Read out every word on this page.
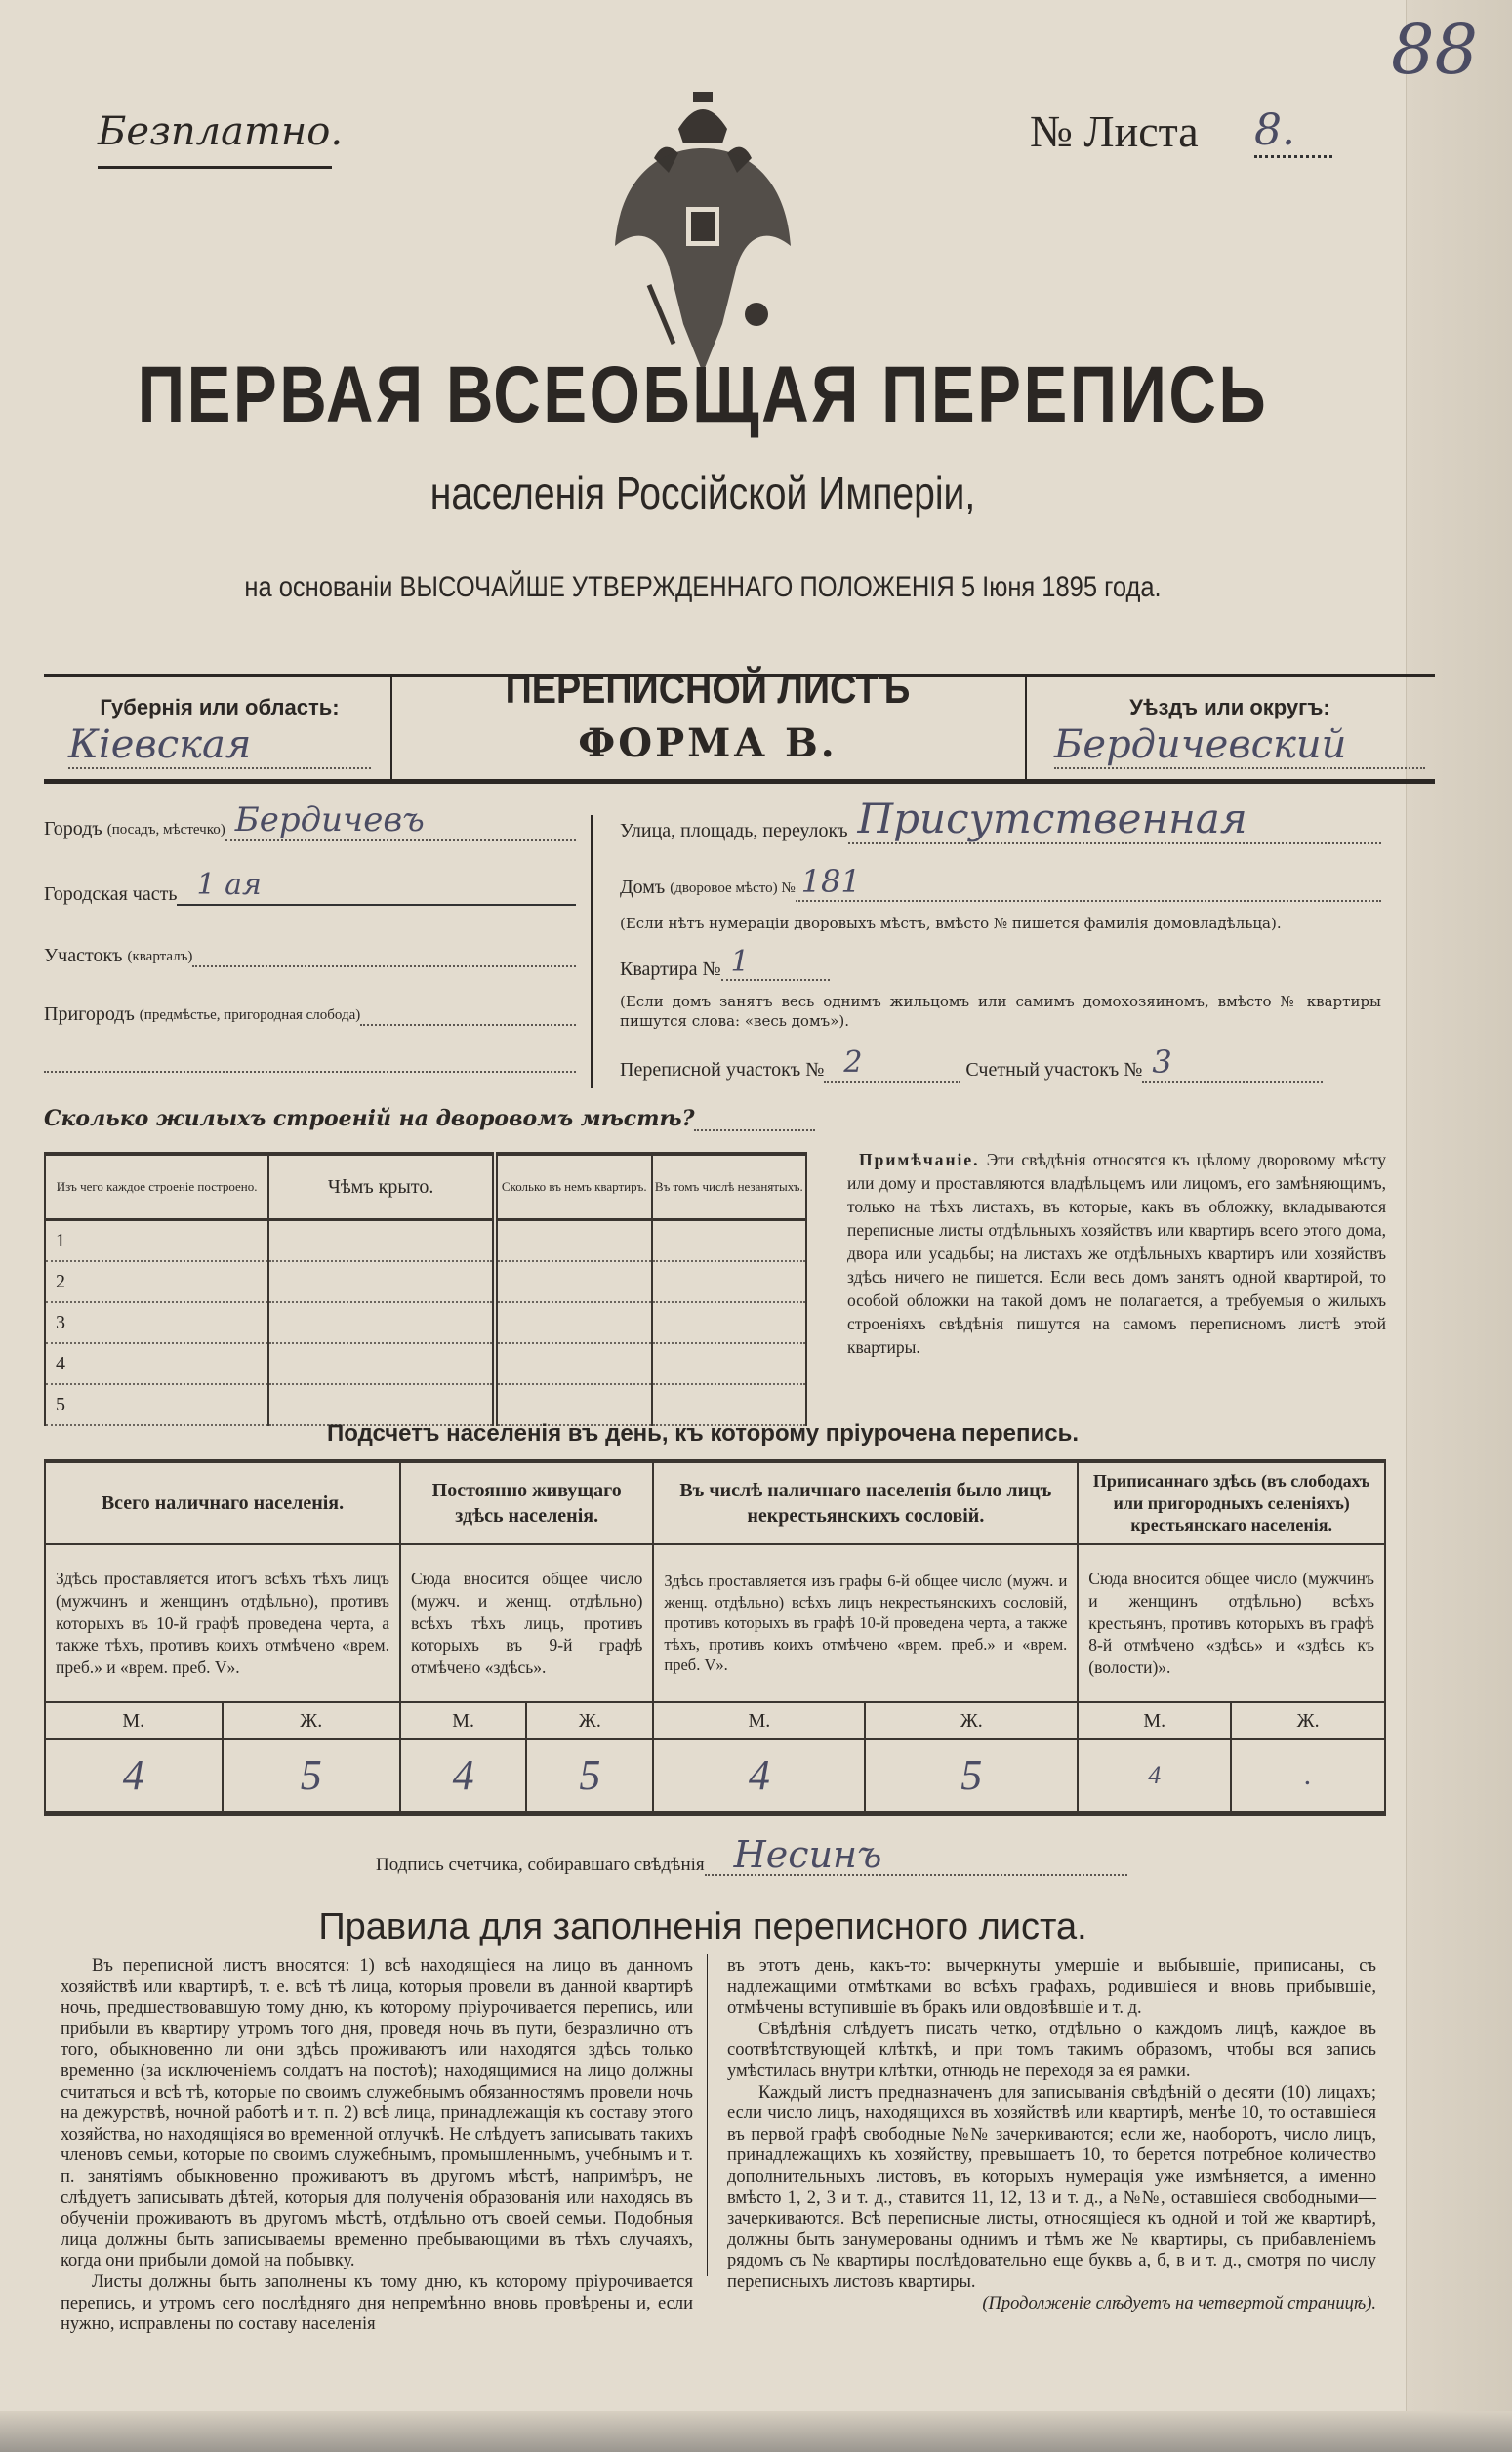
88
Безплатно.	№ Листа 8.
ПЕРВАЯ ВСЕОБЩАЯ ПЕРЕПИСЬ
населенія Россійской Имперіи,
на основаніи ВЫСОЧАЙШЕ УТВЕРЖДЕННАГО ПОЛОЖЕНІЯ 5 Іюня 1895 года.
Губернія или область:
Кіевская
ПЕРЕПИСНОЙ ЛИСТЪ
ФОРМА В.
Уѣздъ или округъ:
Бердичевский
Городъ
(посадъ, мѣстечко) Бердичевъ
Городская часть 1 ая
Участокъ
(кварталъ)
Пригородъ
(предмѣстье, пригородная слобода)
Улица, площадь, переулокъ Присутственная
Домъ
(дворовое мѣсто) № 181
(Если нѣтъ нумераціи дворовыхъ мѣстъ, вмѣсто № пишется фамилія домовладѣльца).
Квартира № 1
(Если домъ занятъ весь однимъ жильцомъ или самимъ домохозяиномъ, вмѣсто № квартиры пишутся слова: «весь домъ»).
Переписной участокъ № 2
	Счетный участокъ № 3
Сколько жилыхъ строеній на дворовомъ мѣстѣ?
Изъ чего каждое строеніе построено.	Чѣмъ крыто.	Сколько въ немъ квартиръ.	Въ томъ числѣ незанятыхъ.
1			
2			
3			
4			
5			
Примѣчаніе. Эти свѣдѣнія относятся къ цѣлому дворовому мѣсту или дому и проставляются владѣльцемъ или лицомъ, его замѣняющимъ, только на тѣхъ листахъ, въ которые, какъ въ обложку, вкладываются переписные листы отдѣльныхъ хозяйствъ или квартиръ всего этого дома, двора или усадьбы; на листахъ же отдѣльныхъ квартиръ или хозяйствъ здѣсь ничего не пишется. Если весь домъ занятъ одной квартирой, то особой обложки на такой домъ не полагается, а требуемыя о жилыхъ строеніяхъ свѣдѣнія пишутся на самомъ переписномъ листѣ этой квартиры.
Подсчетъ населенія въ день, къ которому пріурочена перепись.
Всего наличнаго населенія.		Постоянно живущаго здѣсь населенія.		Въ числѣ наличнаго населенія было лицъ некрестьянскихъ сословій.		Приписаннаго здѣсь (въ слободахъ или пригородныхъ селеніяхъ) крестьянскаго населенія.	
Здѣсь проставляется итогъ всѣхъ тѣхъ лицъ (мужчинъ и женщинъ отдѣльно), противъ которыхъ въ 10-й графѣ проведена черта, а также тѣхъ, противъ коихъ отмѣчено «врем. преб.» и «врем. преб. V».		Сюда вносится общее число (мужч. и женщ. отдѣльно) всѣхъ тѣхъ лицъ, противъ которыхъ въ 9-й графѣ отмѣчено «здѣсь».		Здѣсь проставляется изъ графы 6-й общее число (мужч. и женщ. отдѣльно) всѣхъ лицъ некрестьянскихъ сословій, противъ которыхъ въ графѣ 10-й проведена черта, а также тѣхъ, противъ коихъ отмѣчено «врем. преб.» и «врем. преб. V».		Сюда вносится общее число (мужчинъ и женщинъ отдѣльно) всѣхъ крестьянъ, противъ которыхъ въ графѣ 8-й отмѣчено «здѣсь» и «здѣсь къ (волости)».	
М.	Ж.	М.	Ж.	М.	Ж.	М.	Ж.
4	5	4	5	4	5	4	.
Подпись счетчика, собиравшаго свѣдѣнія Несинъ
Правила для заполненія переписного листа.

Въ переписной листъ вносятся: 1) всѣ находящіеся на лицо въ данномъ хозяйствѣ или квартирѣ, т. е. всѣ тѣ лица, которыя провели въ данной квартирѣ ночь, предшествовавшую тому дню, къ которому пріурочивается перепись, или прибыли въ квартиру утромъ того дня, проведя ночь въ пути, безразлично отъ того, обыкновенно ли они здѣсь проживаютъ или находятся здѣсь только временно (за исключеніемъ солдатъ на постоѣ); находящимися на лицо должны считаться и всѣ тѣ, которые по своимъ служебнымъ обязанностямъ провели ночь на дежурствѣ, ночной работѣ и т. п. 2) всѣ лица, принадлежащія къ составу этого хозяйства, но находящіяся во временной отлучкѣ. Не слѣдуетъ записывать такихъ членовъ семьи, которые по своимъ служебнымъ, промышленнымъ, учебнымъ и т. п. занятіямъ обыкновенно проживаютъ въ другомъ мѣстѣ, напримѣръ, не слѣдуетъ записывать дѣтей, которыя для полученія образованія или находясь въ обученіи проживаютъ въ другомъ мѣстѣ, отдѣльно отъ своей семьи. Подобныя лица должны быть записываемы временно пребывающими въ тѣхъ случаяхъ, когда они прибыли домой на побывку.

Листы должны быть заполнены къ тому дню, къ которому пріурочивается перепись, и утромъ сего послѣдняго дня непремѣнно вновь провѣрены и, если нужно, исправлены по составу населенія

въ этотъ день, какъ-то: вычеркнуты умершіе и выбывшіе, приписаны, съ надлежащими отмѣтками во всѣхъ графахъ, родившіеся и вновь прибывшіе, отмѣчены вступившіе въ бракъ или овдовѣвшіе и т. д.

Свѣдѣнія слѣдуетъ писать четко, отдѣльно о каждомъ лицѣ, каждое въ соотвѣтствующей клѣткѣ, и при томъ такимъ образомъ, чтобы вся запись умѣстилась внутри клѣтки, отнюдь не переходя за ея рамки.

Каждый листъ предназначенъ для записыванія свѣдѣній о десяти (10) лицахъ; если число лицъ, находящихся въ хозяйствѣ или квартирѣ, менѣе 10, то оставшіеся въ первой графѣ свободные №№ зачеркиваются; если же, наоборотъ, число лицъ, принадлежащихъ къ хозяйству, превышаетъ 10, то берется потребное количество дополнительныхъ листовъ, въ которыхъ нумерація уже измѣняется, а именно вмѣсто 1, 2, 3 и т. д., ставится 11, 12, 13 и т. д., а №№, оставшіеся свободными—зачеркиваются. Всѣ переписные листы, относящіеся къ одной и той же квартирѣ, должны быть занумерованы однимъ и тѣмъ же № квартиры, съ прибавленіемъ рядомъ съ № квартиры послѣдовательно еще буквъ а, б, в и т. д., смотря по числу переписныхъ листовъ квартиры.

(Продолженіе слѣдуетъ на четвертой страницѣ).
